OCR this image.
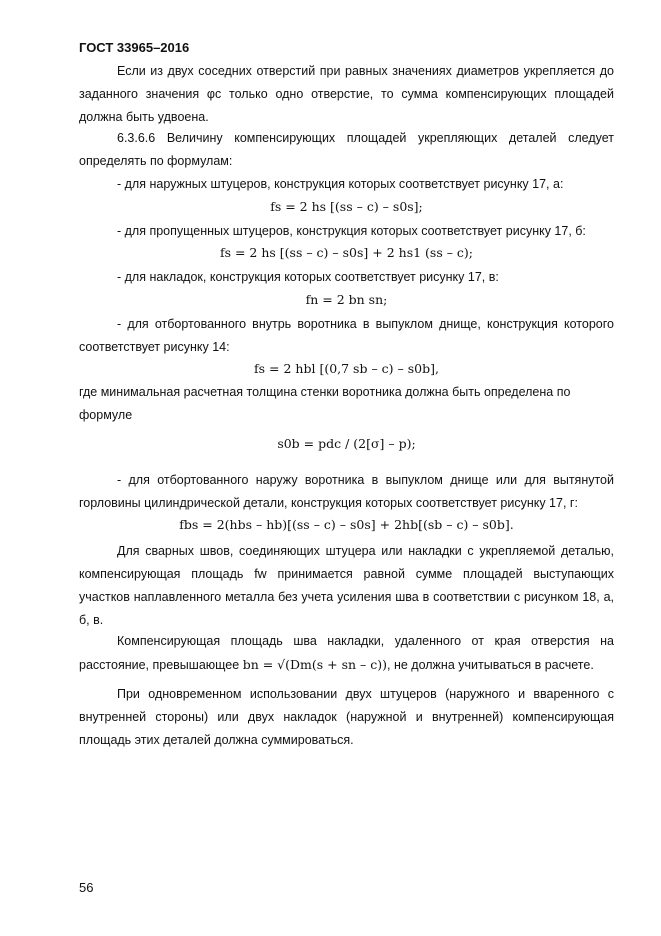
ГОСТ 33965–2016
Если из двух соседних отверстий при равных значениях диаметров укрепляется до заданного значения φc только одно отверстие, то сумма компенсирующих площадей должна быть удвоена.
6.3.6.6 Величину компенсирующих площадей укрепляющих деталей следует определять по формулам:
- для наружных штуцеров, конструкция которых соответствует рисунку 17, а:
fs = 2 hs [(ss – c) – s0s];
- для пропущенных штуцеров, конструкция которых соответствует рисунку 17, б:
fs = 2 hs [(ss – c) – s0s] + 2 hs1 (ss – c);
- для накладок, конструкция которых соответствует рисунку 17, в:
fn = 2 bn sn;
- для отбортованного внутрь воротника в выпуклом днище, конструкция которого соответствует рисунку 14:
fs = 2 hbl [(0,7 sb – c) – s0b],
где минимальная расчетная толщина стенки воротника должна быть определена по формуле
s0b = pdc / (2[σ] – p);
- для отбортованного наружу воротника в выпуклом днище или для вытянутой горловины цилиндрической детали, конструкция которых соответствует рисунку 17, г:
fbs = 2(hbs – hb)[(ss – c) – s0s] + 2hb[(sb – c) – s0b].
Для сварных швов, соединяющих штуцера или накладки с укрепляемой деталью, компенсирующая площадь fw принимается равной сумме площадей выступающих участков наплавленного металла без учета усиления шва в соответствии с рисунком 18, а, б, в.
Компенсирующая площадь шва накладки, удаленного от края отверстия на расстояние, превышающее bn = √(Dm(s + sn – c)), не должна учитываться в расчете.
При одновременном использовании двух штуцеров (наружного и вваренного с внутренней стороны) или двух накладок (наружной и внутренней) компенсирующая площадь этих деталей должна суммироваться.
56
